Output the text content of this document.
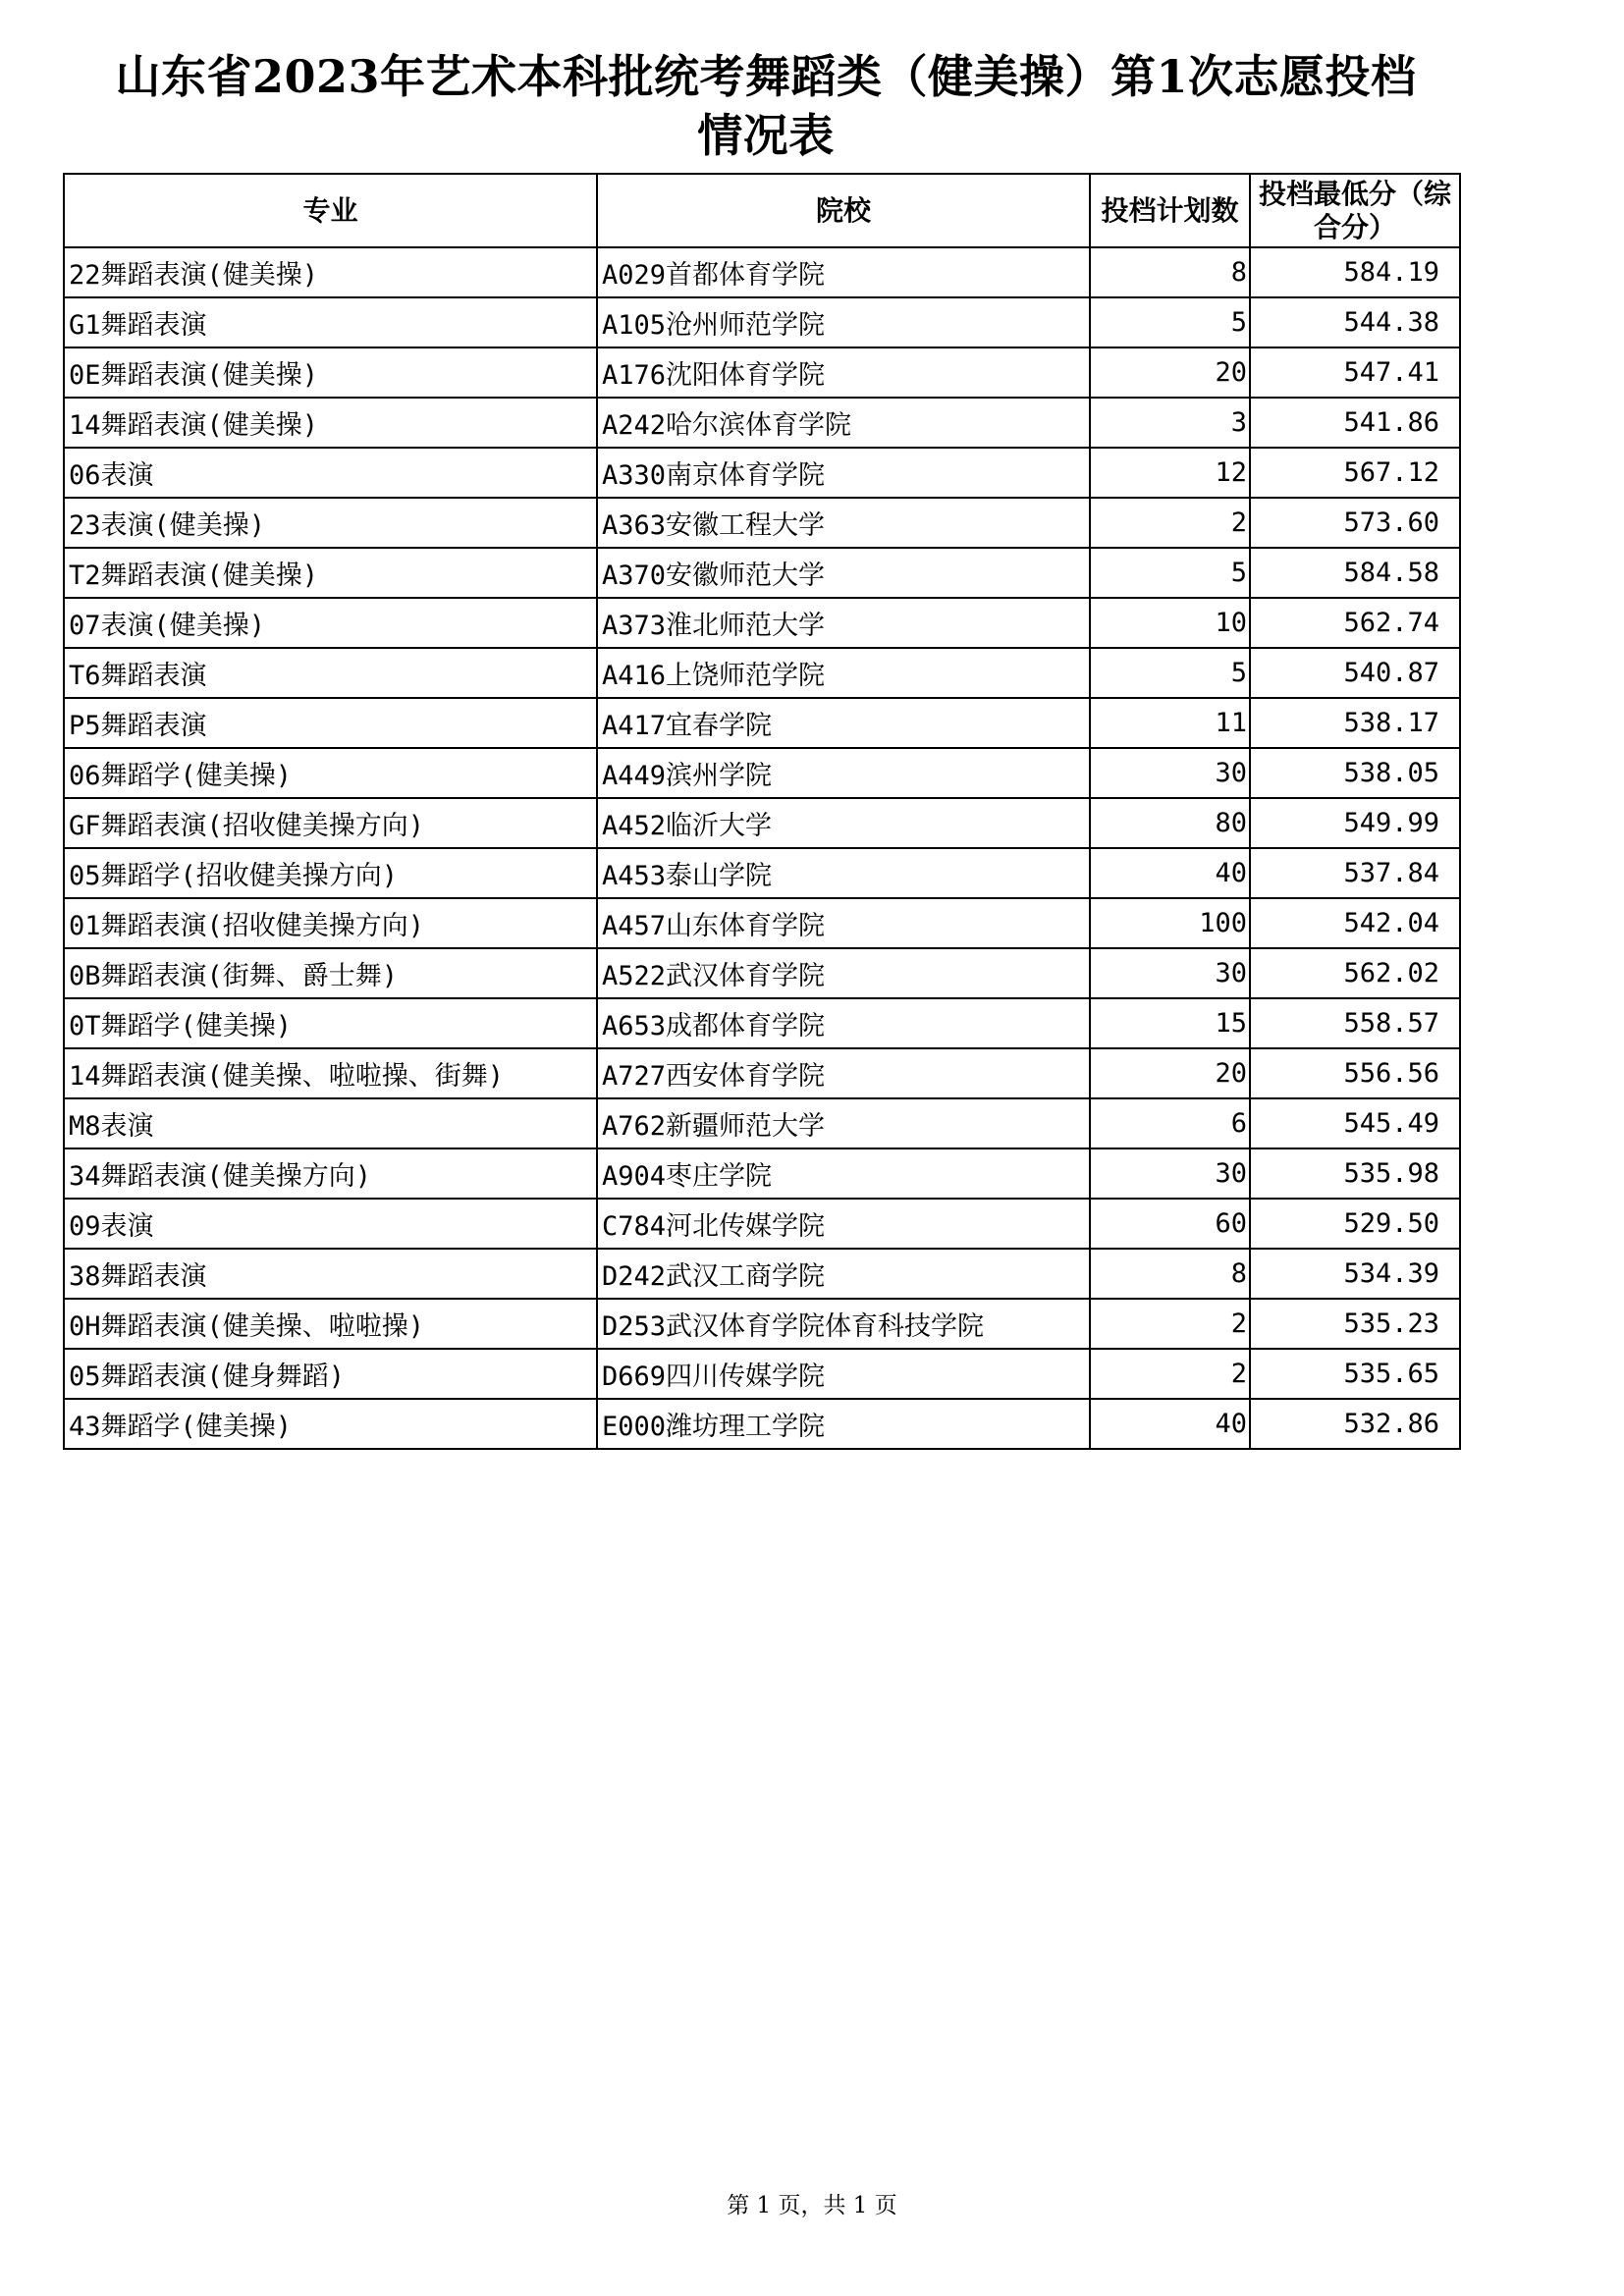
山东省2023年艺术本科批统考舞蹈类（健美操）第1次志愿投档
情况表
专业	院校	投档计划数	投档最低分（综合分）

22舞蹈表演(健美操)	A029首都体育学院	8	584.19
G1舞蹈表演	A105沧州师范学院	5	544.38
0E舞蹈表演(健美操)	A176沈阳体育学院	20	547.41
14舞蹈表演(健美操)	A242哈尔滨体育学院	3	541.86
06表演	A330南京体育学院	12	567.12
23表演(健美操)	A363安徽工程大学	2	573.60
T2舞蹈表演(健美操)	A370安徽师范大学	5	584.58
07表演(健美操)	A373淮北师范大学	10	562.74
T6舞蹈表演	A416上饶师范学院	5	540.87
P5舞蹈表演	A417宜春学院	11	538.17
06舞蹈学(健美操)	A449滨州学院	30	538.05
GF舞蹈表演(招收健美操方向)	A452临沂大学	80	549.99
05舞蹈学(招收健美操方向)	A453泰山学院	40	537.84
01舞蹈表演(招收健美操方向)	A457山东体育学院	100	542.04
0B舞蹈表演(街舞、爵士舞)	A522武汉体育学院	30	562.02
0T舞蹈学(健美操)	A653成都体育学院	15	558.57
14舞蹈表演(健美操、啦啦操、街舞)	A727西安体育学院	20	556.56
M8表演	A762新疆师范大学	6	545.49
34舞蹈表演(健美操方向)	A904枣庄学院	30	535.98
09表演	C784河北传媒学院	60	529.50
38舞蹈表演	D242武汉工商学院	8	534.39
0H舞蹈表演(健美操、啦啦操)	D253武汉体育学院体育科技学院	2	535.23
05舞蹈表演(健身舞蹈)	D669四川传媒学院	2	535.65
43舞蹈学(健美操)	E000潍坊理工学院	40	532.86
第 1 页，共 1 页
